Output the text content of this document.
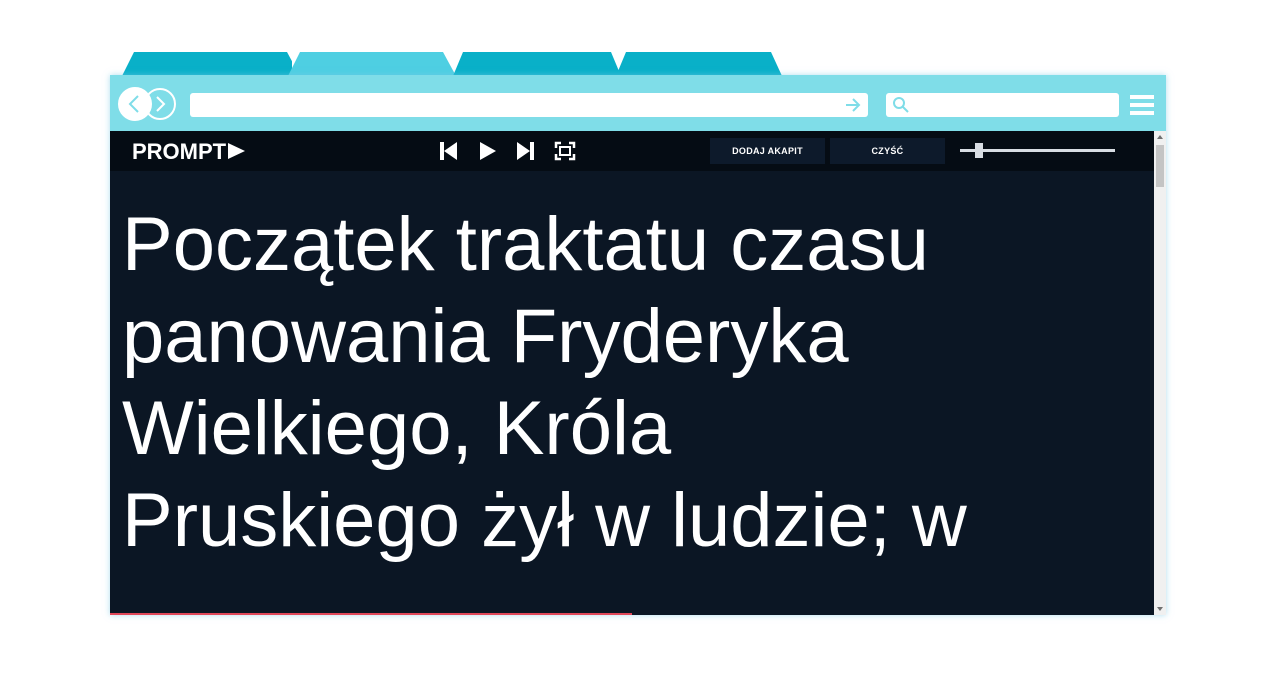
PROMPT	DODAJ AKAPIT	CZYŚĆ
Początek traktatu czasu
panowania Fryderyka
Wielkiego, Króla
Pruskiego żył w ludzie; w
